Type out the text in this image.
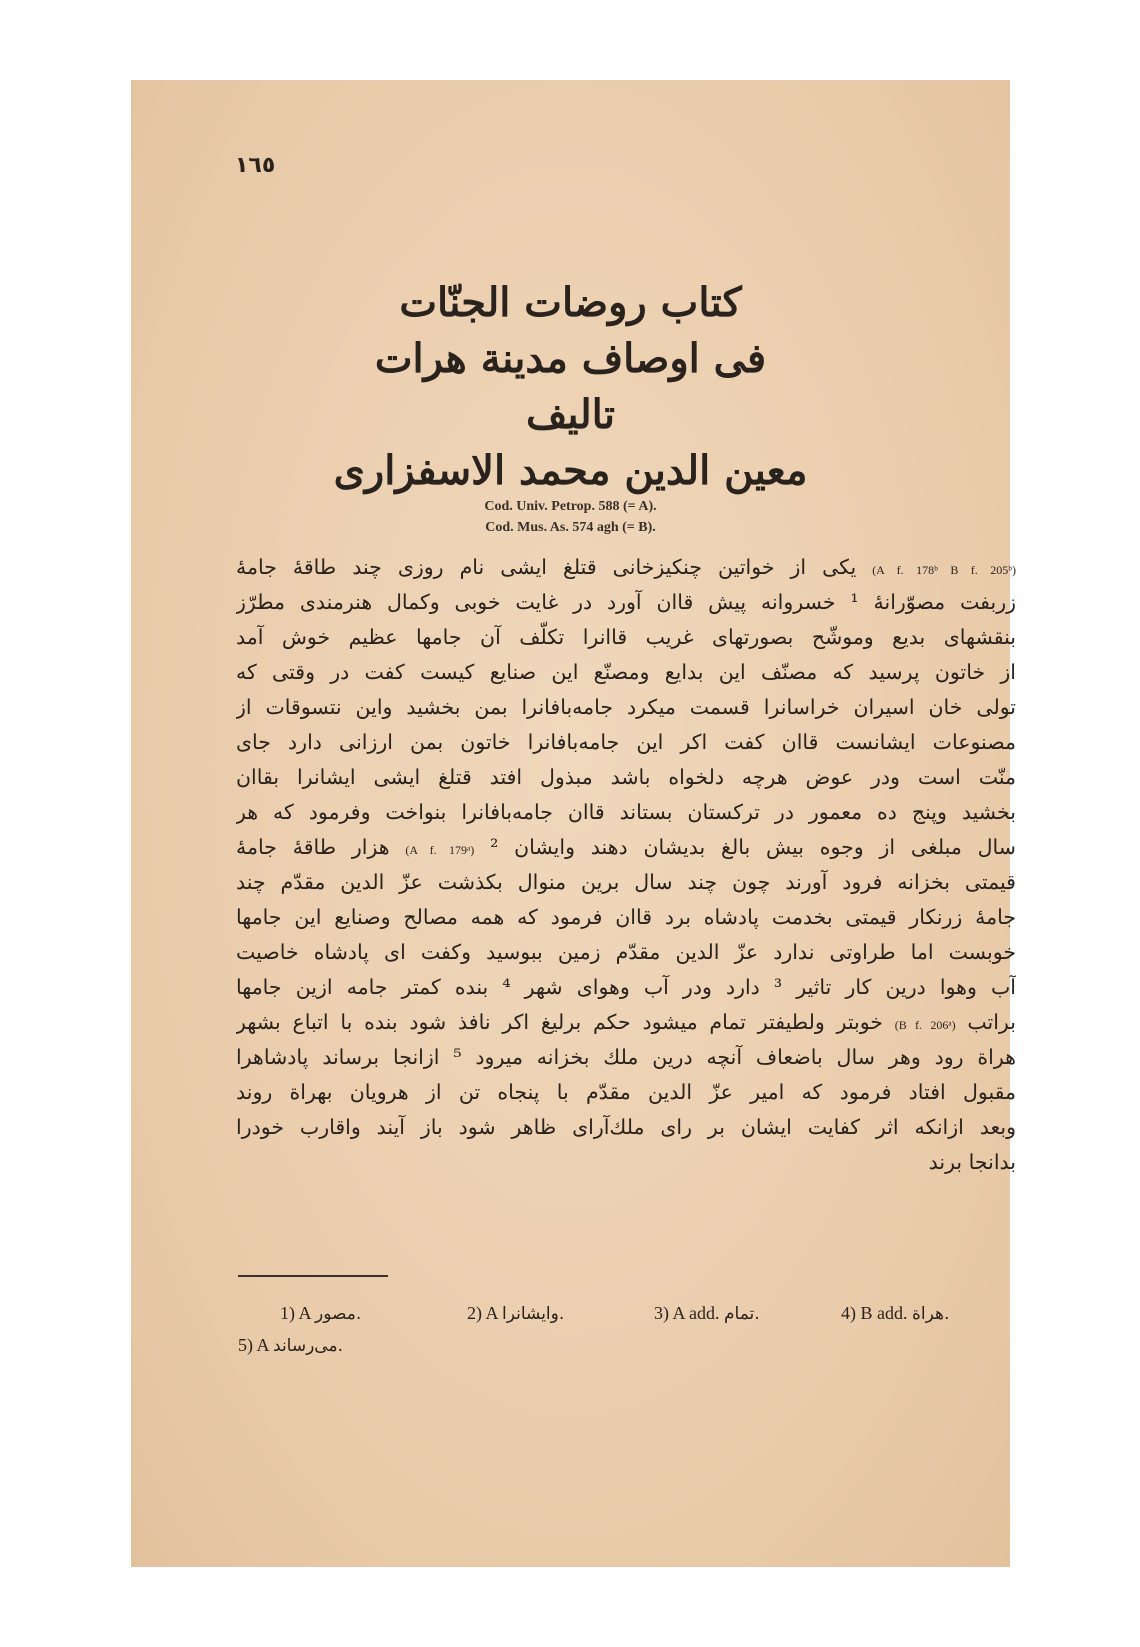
١٦٥
كتاب روضات الجنّات
فى اوصاف مدينة هرات
تاليف
معين الدين محمد الاسفزارى
Cod. Univ. Petrop. 588 (= A).
Cod. Mus. As. 574 agh (= B).
(A f. 178ᵇ B f. 205ᵇ) يكى از خواتين چنكيزخانى قتلغ ايشى نام روزى چند طاقهٔ جامهٔ
زربفت مصوّرانهٔ ¹ خسروانه پيش قاان آورد در غايت خوبى وكمال هنرمندى مطرّز
بنقشهاى بديع وموشّح بصورتهاى غريب قاانرا تكلّف آن جامها عظيم خوش آمد
از خاتون پرسيد كه مصنّف اين بدايع ومصنّع اين صنايع كيست كفت در وقتى كه
تولى خان اسيران خراسانرا قسمت ميكرد جامه‌بافانرا بمن بخشيد واين نتسوقات از
مصنوعات ايشانست قاان كفت اكر اين جامه‌بافانرا خاتون بمن ارزانى دارد جاى
منّت است ودر عوض هرچه دلخواه باشد مبذول افتد قتلغ ايشى ايشانرا بقاان
بخشيد وپنج ده معمور در تركستان بستاند قاان جامه‌بافانرا بنواخت وفرمود كه هر
سال مبلغى از وجوه بيش بالغ بديشان دهند وايشان ² (A f. 179ᵃ) هزار طاقهٔ جامهٔ
قيمتى بخزانه فرود آورند چون چند سال برين منوال بكذشت عزّ الدين مقدّم چند
جامهٔ زرنكار قيمتى بخدمت پادشاه برد قاان فرمود كه همه مصالح وصنايع اين جامها
خوبست اما طراوتى ندارد عزّ الدين مقدّم زمين ببوسيد وكفت اى پادشاه خاصيت
آب وهوا درين كار تاثير ³ دارد ودر آب وهواى شهر ⁴ بنده كمتر جامه ازين جامها
براتب (B f. 206ᵃ) خوبتر ولطيفتر تمام ميشود حكم برليغ اكر نافذ شود بنده با اتباع بشهر
هراة رود وهر سال باضعاف آنچه درين ملك بخزانه ميرود ⁵ ازانجا برساند پادشاهرا
مقبول افتاد فرمود كه امير عزّ الدين مقدّم با پنجاه تن از هرويان بهراة روند
وبعد ازانكه اثر كفايت ايشان بر راى ملك‌آراى ظاهر شود باز آيند واقارب خودرا
بدانجا برند
1) A .مصور	2) A .وايشانرا	3) A add. .تمام	4) B add. .هراة
5) A .مى‌رساند
